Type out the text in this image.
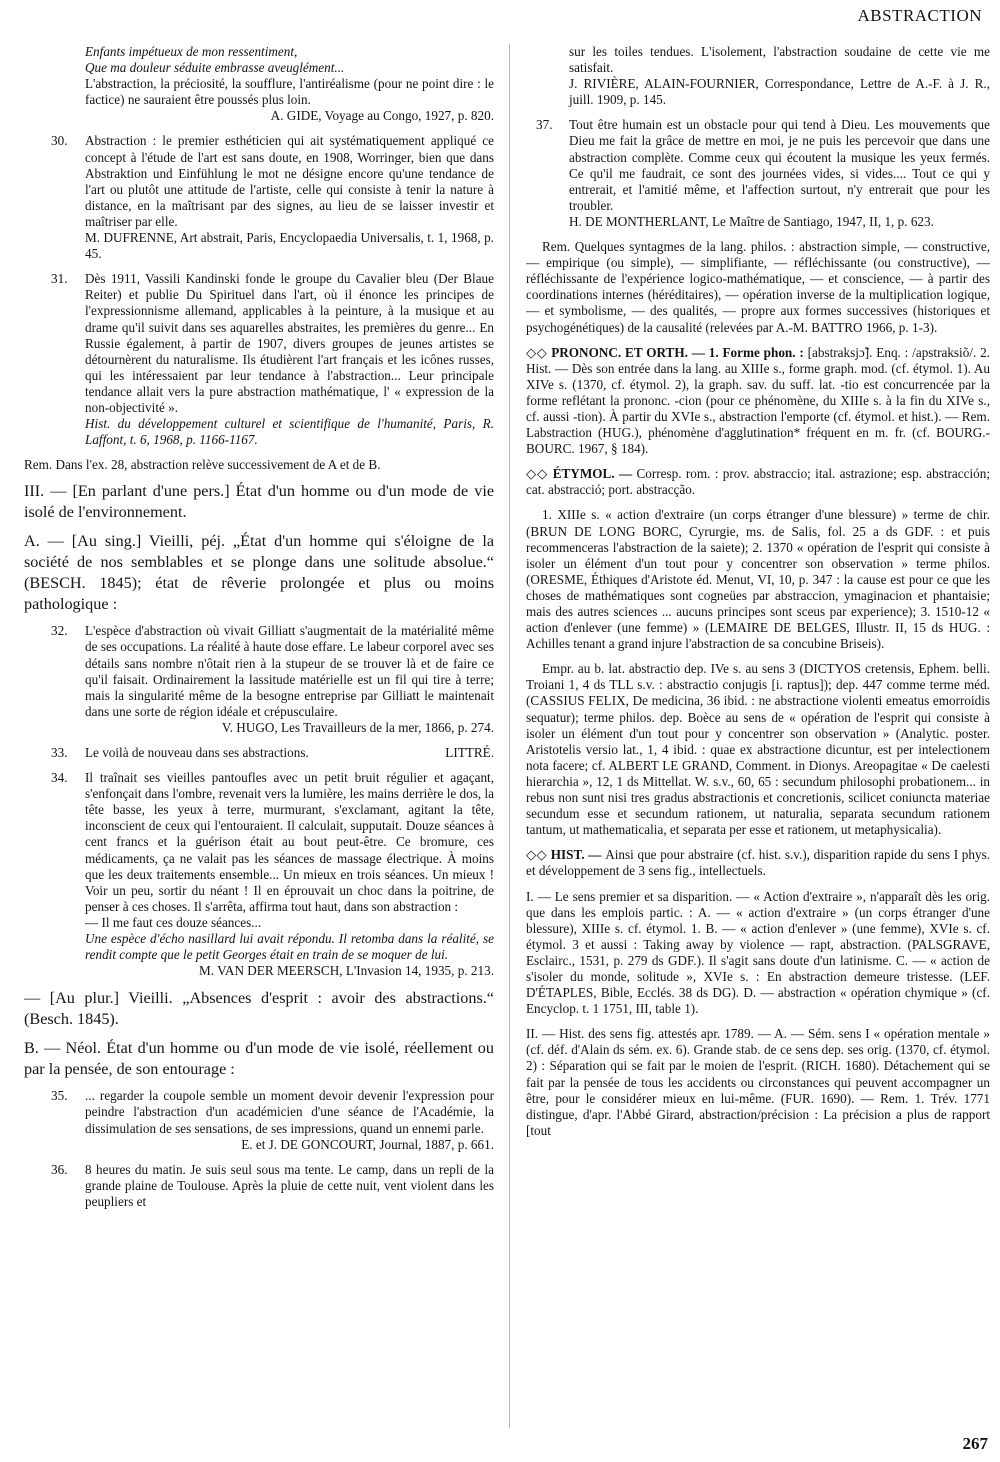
ABSTRACTION
Enfants impétueux de mon ressentiment,
Que ma douleur séduite embrasse aveuglément...
L'abstraction, la préciosité, la soufflure, l'antiréalisme (pour ne point dire : le factice) ne sauraient être poussés plus loin.
A. GIDE, Voyage au Congo, 1927, p. 820.
30. Abstraction : le premier esthéticien qui ait systématiquement appliqué ce concept à l'étude de l'art est sans doute, en 1908, Worringer, bien que dans Abstraktion und Einfühlung le mot ne désigne encore qu'une tendance de l'art ou plutôt une attitude de l'artiste, celle qui consiste à tenir la nature à distance, en la maîtrisant par des signes, au lieu de se laisser investir et maîtriser par elle.
M. DUFRENNE, Art abstrait, Paris, Encyclopaedia Universalis, t. 1, 1968, p. 45.
31. Dès 1911, Vassili Kandinski fonde le groupe du Cavalier bleu (Der Blaue Reiter) et publie Du Spirituel dans l'art, où il énonce les principes de l'expressionnisme allemand, applicables à la peinture, à la musique et au drame qu'il suivit dans ses aquarelles abstraites, les premières du genre... En Russie également, à partir de 1907, divers groupes de jeunes artistes se détournèrent du naturalisme. Ils étudièrent l'art français et les icônes russes, qui les intéressaient par leur tendance à l'abstraction... Leur principale tendance allait vers la pure abstraction mathématique, l' « expression de la non-objectivité ».
Hist. du développement culturel et scientifique de l'humanité, Paris, R. Laffont, t. 6, 1968, p. 1166-1167.
Rem. Dans l'ex. 28, abstraction relève successivement de A et de B.
III. — [En parlant d'une pers.] État d'un homme ou d'un mode de vie isolé de l'environnement.
A. — [Au sing.] Vieilli, péj. „État d'un homme qui s'éloigne de la société de nos semblables et se plonge dans une solitude absolue.“ (BESCH. 1845); état de rêverie prolongée et plus ou moins pathologique :
32. L'espèce d'abstraction où vivait Gilliatt s'augmentait de la matérialité même de ses occupations. La réalité à haute dose effare. Le labeur corporel avec ses détails sans nombre n'ôtait rien à la stupeur de se trouver là et de faire ce qu'il faisait. Ordinairement la lassitude matérielle est un fil qui tire à terre; mais la singularité même de la besogne entreprise par Gilliatt le maintenait dans une sorte de région idéale et crépusculaire.
V. HUGO, Les Travailleurs de la mer, 1866, p. 274.
33. Le voilà de nouveau dans ses abstractions.	LITTRÉ.
34. Il traînait ses vieilles pantoufles avec un petit bruit régulier et agaçant, s'enfonçait dans l'ombre, revenait vers la lumière, les mains derrière le dos, la tête basse, les yeux à terre, murmurant, s'exclamant, agitant la tête, inconscient de ceux qui l'entouraient. Il calculait, supputait. Douze séances à cent francs et la guérison était au bout peut-être. Ce bromure, ces médicaments, ça ne valait pas les séances de massage électrique. À moins que les deux traitements ensemble... Un mieux en trois séances. Un mieux ! Voir un peu, sortir du néant ! Il en éprouvait un choc dans la poitrine, de penser à ces choses. Il s'arrêta, affirma tout haut, dans son abstraction :
— Il me faut ces douze séances...
Une espèce d'écho nasillard lui avait répondu. Il retomba dans la réalité, se rendit compte que le petit Georges était en train de se moquer de lui.
M. VAN DER MEERSCH, L'Invasion 14, 1935, p. 213.
— [Au plur.] Vieilli. „Absences d'esprit : avoir des abstractions.“ (Besch. 1845).
B. — Néol. État d'un homme ou d'un mode de vie isolé, réellement ou par la pensée, de son entourage :
35. ... regarder la coupole semble un moment devoir devenir l'expression pour peindre l'abstraction d'un académicien d'une séance de l'Académie, la dissimulation de ses sensations, de ses impressions, quand un ennemi parle.
E. et J. DE GONCOURT, Journal, 1887, p. 661.
36. 8 heures du matin. Je suis seul sous ma tente. Le camp, dans un repli de la grande plaine de Toulouse. Après la pluie de cette nuit, vent violent dans les peupliers et
sur les toiles tendues. L'isolement, l'abstraction soudaine de cette vie me satisfait.
J. RIVIÈRE, ALAIN-FOURNIER, Correspondance, Lettre de A.-F. à J. R., juill. 1909, p. 145.
37. Tout être humain est un obstacle pour qui tend à Dieu. Les mouvements que Dieu me fait la grâce de mettre en moi, je ne puis les percevoir que dans une abstraction complète. Comme ceux qui écoutent la musique les yeux fermés. Ce qu'il me faudrait, ce sont des journées vides, si vides.... Tout ce qui y entrerait, et l'amitié même, et l'affection surtout, n'y entrerait que pour les troubler.
H. DE MONTHERLANT, Le Maître de Santiago, 1947, II, 1, p. 623.
Rem. Quelques syntagmes de la lang. philos. : abstraction simple, — constructive, — empirique (ou simple), — simplifiante, — réfléchissante (ou constructive), — réfléchissante de l'expérience logico-mathématique, — et conscience, — à partir des coordinations internes (héréditaires), — opération inverse de la multiplication logique, — et symbolisme, — des qualités, — propre aux formes successives (historiques et psychogénétiques) de la causalité (relevées par A.-M. BATTRO 1966, p. 1-3).
◇◇ PRONONC. ET ORTH. — 1. Forme phon. : [abstraksjɔ̃]. Enq. : /apstraksiõ/. 2. Hist. — Dès son entrée dans la lang. au XIIIe s., forme graph. mod. (cf. étymol. 1). Au XIVe s. (1370, cf. étymol. 2), la graph. sav. du suff. lat. -tio est concurrencée par la forme reflétant la prononc. -cion (pour ce phénomène, du XIIIe s. à la fin du XIVe s., cf. aussi -tion). À partir du XVIe s., abstraction l'emporte (cf. étymol. et hist.). — Rem. Labstraction (HUG.), phénomène d'agglutination* fréquent en m. fr. (cf. BOURG.-BOURC. 1967, § 184).
◇◇ ÉTYMOL. — Corresp. rom. : prov. abstraccio; ital. astrazione; esp. abstracción; cat. abstracció; port. abstracção.
1. XIIIe s. « action d'extraire (un corps étranger d'une blessure) » terme de chir. (BRUN DE LONG BORC, Cyrurgie, ms. de Salis, fol. 25 a ds GDF. : et puis recommenceras l'abstraction de la saiete); 2. 1370 « opération de l'esprit qui consiste à isoler un élément d'un tout pour y concentrer son observation » terme philos. (ORESME, Éthiques d'Aristote éd. Menut, VI, 10, p. 347 : la cause est pour ce que les choses de mathématiques sont cogneües par abstraccion, ymaginacion et phantaisie; mais des autres sciences ... aucuns principes sont sceus par experience); 3. 1510-12 « action d'enlever (une femme) » (LEMAIRE DE BELGES, Illustr. II, 15 ds HUG. : Achilles tenant a grand injure l'abstraction de sa concubine Briseis).
Empr. au b. lat. abstractio dep. IVe s. au sens 3 (DICTYOS cretensis, Ephem. belli. Troiani 1, 4 ds TLL s.v. : abstractio conjugis [i. raptus]); dep. 447 comme terme méd. (CASSIUS FELIX, De medicina, 36 ibid. : ne abstractione violenti emeatus emorroidis sequatur); terme philos. dep. Boèce au sens de « opération de l'esprit qui consiste à isoler un élément d'un tout pour y concentrer son observation » (Analytic. poster. Aristotelis versio lat., 1, 4 ibid. : quae ex abstractione dicuntur, est per intelectionem nota facere; cf. ALBERT LE GRAND, Comment. in Dionys. Areopagitae « De caelesti hierarchia », 12, 1 ds Mittellat. W. s.v., 60, 65 : secundum philosophi probationem... in rebus non sunt nisi tres gradus abstractionis et concretionis, scilicet coniuncta materiae secundum esse et secundum rationem, ut naturalia, separata secundum rationem tantum, ut mathematicalia, et separata per esse et rationem, ut metaphysicalia).
◇◇ HIST. — Ainsi que pour abstraire (cf. hist. s.v.), disparition rapide du sens I phys. et développement de 3 sens fig., intellectuels.
I. — Le sens premier et sa disparition. — « Action d'extraire », n'apparaît dès les orig. que dans les emplois partic. : A. — « action d'extraire » (un corps étranger d'une blessure), XIIIe s. cf. étymol. 1. B. — « action d'enlever » (une femme), XVIe s. cf. étymol. 3 et aussi : Taking away by violence — rapt, abstraction. (PALSGRAVE, Esclairc., 1531, p. 279 ds GDF.). Il s'agit sans doute d'un latinisme. C. — « action de s'isoler du monde, solitude », XVIe s. : En abstraction demeure tristesse. (LEF. D'ÉTAPLES, Bible, Ecclés. 38 ds DG). D. — abstraction « opération chymique » (cf. Encyclop. t. 1 1751, III, table 1).
II. — Hist. des sens fig. attestés apr. 1789. — A. — Sém. sens I « opération mentale » (cf. déf. d'Alain ds sém. ex. 6). Grande stab. de ce sens dep. ses orig. (1370, cf. étymol. 2) : Séparation qui se fait par le moien de l'esprit. (RICH. 1680). Détachement qui se fait par la pensée de tous les accidents ou circonstances qui peuvent accompagner un être, pour le considérer mieux en lui-même. (FUR. 1690). — Rem. 1. Trév. 1771 distingue, d'apr. l'Abbé Girard, abstraction/précision : La précision a plus de rapport [tout
267
